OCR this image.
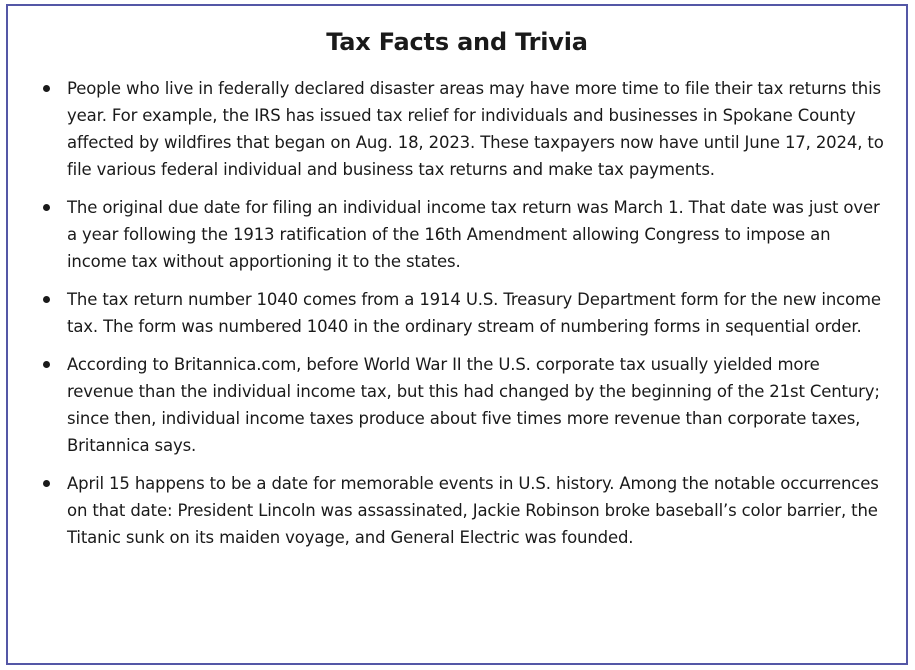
Tax Facts and Trivia
People who live in federally declared disaster areas may have more time to file their tax returns this year. For example, the IRS has issued tax relief for individuals and businesses in Spokane County affected by wildfires that began on Aug. 18, 2023. These taxpayers now have until June 17, 2024, to file various federal individual and business tax returns and make tax payments.
The original due date for filing an individual income tax return was March 1. That date was just over a year following the 1913 ratification of the 16th Amendment allowing Congress to impose an income tax without apportioning it to the states.
The tax return number 1040 comes from a 1914 U.S. Treasury Department form for the new income tax. The form was numbered 1040 in the ordinary stream of numbering forms in sequential order.
According to Britannica.com, before World War II the U.S. corporate tax usually yielded more revenue than the individual income tax, but this had changed by the beginning of the 21st Century; since then, individual income taxes produce about five times more revenue than corporate taxes, Britannica says.
April 15 happens to be a date for memorable events in U.S. history. Among the notable occurrences on that date: President Lincoln was assassinated, Jackie Robinson broke baseball’s color barrier, the Titanic sunk on its maiden voyage, and General Electric was founded.
